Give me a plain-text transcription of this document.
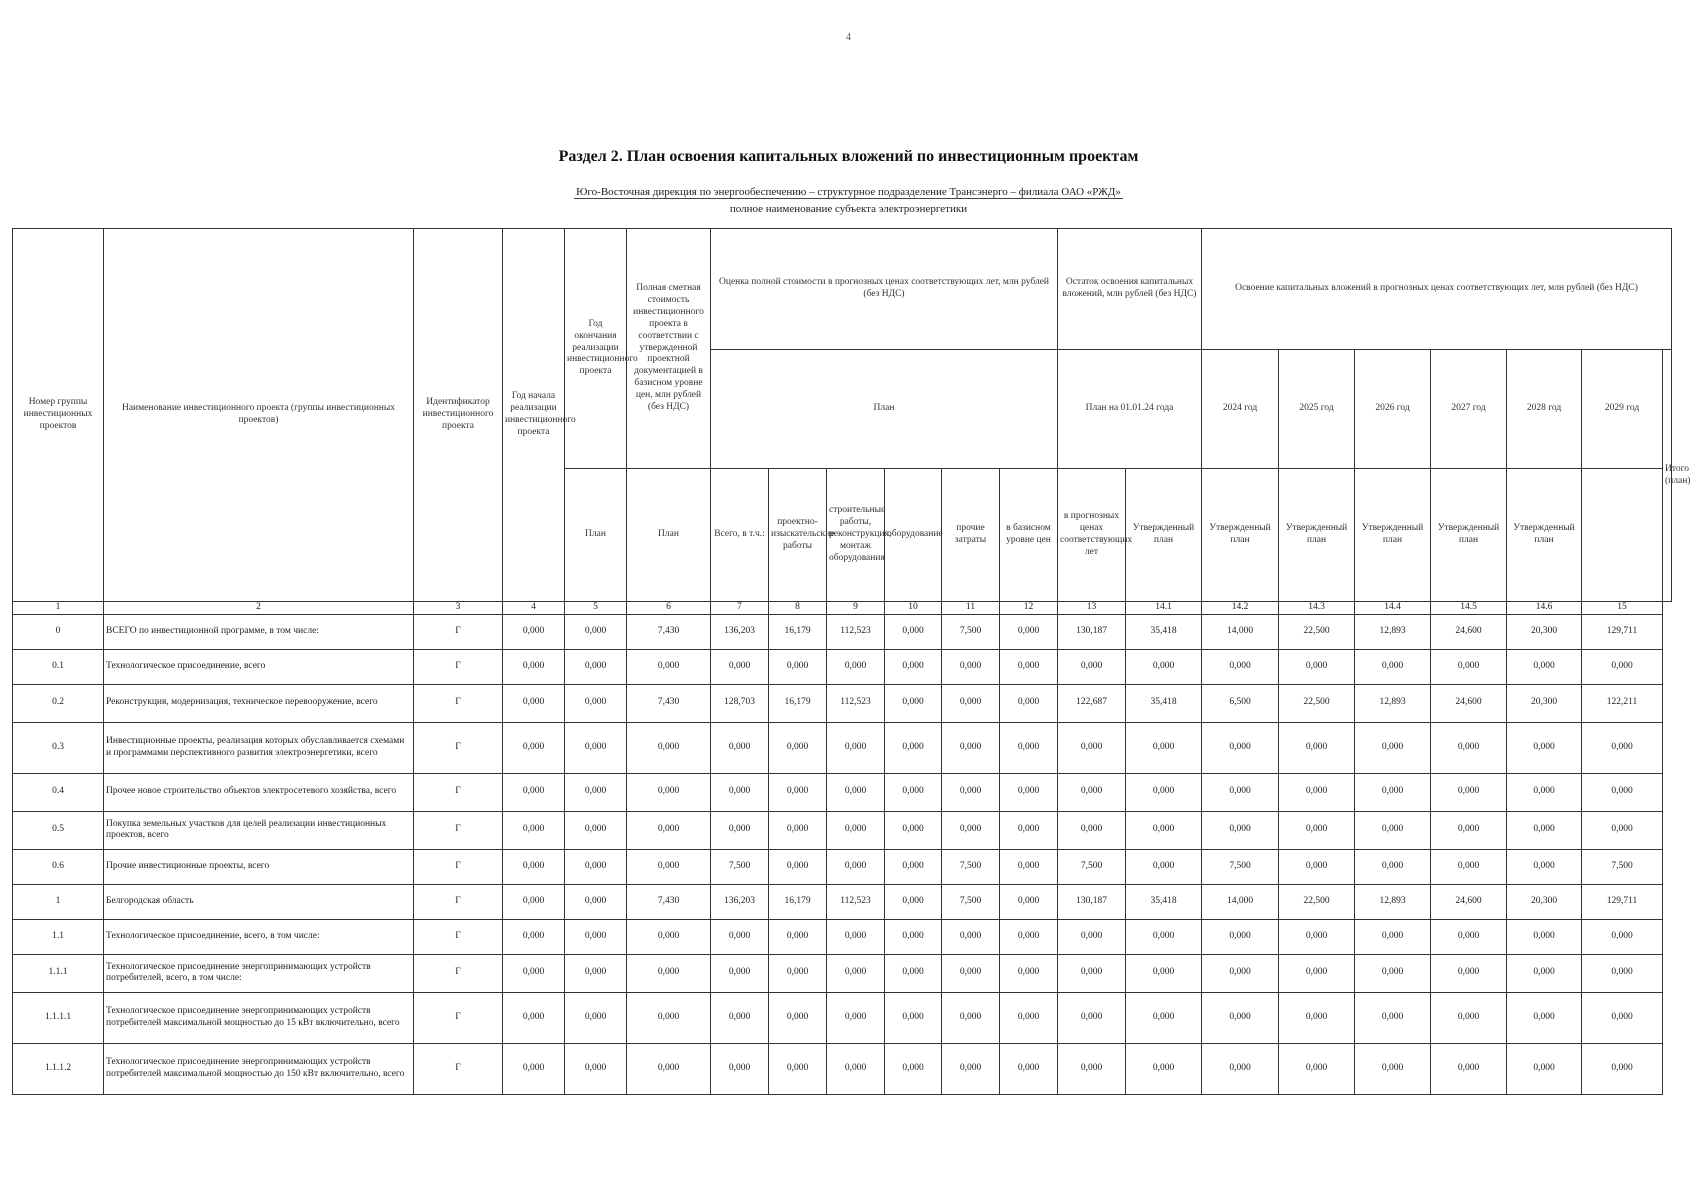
4
Раздел 2. План освоения капитальных вложений по инвестиционным проектам
Юго-Восточная дирекция по энергообеспечению – структурное подразделение Трансэнерго – филиала ОАО «РЖД»
полное наименование субъекта электроэнергетики
Номер группы инвестиционных проектов	Наименование инвестиционного проекта (группы инвестиционных проектов)	Идентификатор инвестиционного проекта	Год начала реализации инвестиционного проекта	Год окончания реализации инвестиционного проекта	Полная сметная стоимость инвестиционного проекта в соответствии с утвержденной проектной документацией в базисном уровне цен, млн рублей (без НДС)	Оценка полной стоимости в прогнозных ценах соответствующих лет, млн рублей (без НДС)						Остаток освоения капитальных вложений, млн рублей (без НДС)		Освоение капитальных вложений в прогнозных ценах соответствующих лет, млн рублей (без НДС)						
						План						План на 01.01.24 года		2024 год	2025 год	2026 год	2027 год	2028 год	2029 год	Итого (план)
				План	План	Всего, в т.ч.:	проектно-изыскательские работы	строительные работы, реконструкция, монтаж оборудования	оборудование	прочие затраты	в базисном уровне цен	в прогнозных ценах соответствующих лет	Утвержденный план	Утвержденный план	Утвержденный план	Утвержденный план	Утвержденный план	Утвержденный план		
1	2	3	4	5	6	7	8	9	10	11	12	13	14.1	14.2	14.3	14.4	14.5	14.6	15	
0	ВСЕГО по инвестиционной программе, в том числе:	Г	0,000	0,000	7,430	136,203	16,179	112,523	0,000	7,500	0,000	130,187	35,418	14,000	22,500	12,893	24,600	20,300	129,711	
0.1	Технологическое присоединение, всего	Г	0,000	0,000	0,000	0,000	0,000	0,000	0,000	0,000	0,000	0,000	0,000	0,000	0,000	0,000	0,000	0,000	0,000	
0.2	Реконструкция, модернизация, техническое перевооружение, всего	Г	0,000	0,000	7,430	128,703	16,179	112,523	0,000	0,000	0,000	122,687	35,418	6,500	22,500	12,893	24,600	20,300	122,211	
0.3	Инвестиционные проекты, реализация которых обуславливается схемами и программами перспективного развития электроэнергетики, всего	Г	0,000	0,000	0,000	0,000	0,000	0,000	0,000	0,000	0,000	0,000	0,000	0,000	0,000	0,000	0,000	0,000	0,000	
0.4	Прочее новое строительство объектов электросетевого хозяйства, всего	Г	0,000	0,000	0,000	0,000	0,000	0,000	0,000	0,000	0,000	0,000	0,000	0,000	0,000	0,000	0,000	0,000	0,000	
0.5	Покупка земельных участков для целей реализации инвестиционных проектов, всего	Г	0,000	0,000	0,000	0,000	0,000	0,000	0,000	0,000	0,000	0,000	0,000	0,000	0,000	0,000	0,000	0,000	0,000	
0.6	Прочие инвестиционные проекты, всего	Г	0,000	0,000	0,000	7,500	0,000	0,000	0,000	7,500	0,000	7,500	0,000	7,500	0,000	0,000	0,000	0,000	7,500	
1	Белгородская область	Г	0,000	0,000	7,430	136,203	16,179	112,523	0,000	7,500	0,000	130,187	35,418	14,000	22,500	12,893	24,600	20,300	129,711	
1.1	Технологическое присоединение, всего, в том числе:	Г	0,000	0,000	0,000	0,000	0,000	0,000	0,000	0,000	0,000	0,000	0,000	0,000	0,000	0,000	0,000	0,000	0,000	
1.1.1	Технологическое присоединение энергопринимающих устройств потребителей, всего, в том числе:	Г	0,000	0,000	0,000	0,000	0,000	0,000	0,000	0,000	0,000	0,000	0,000	0,000	0,000	0,000	0,000	0,000	0,000	
1.1.1.1	Технологическое присоединение энергопринимающих устройств потребителей максимальной мощностью до 15 кВт включительно, всего	Г	0,000	0,000	0,000	0,000	0,000	0,000	0,000	0,000	0,000	0,000	0,000	0,000	0,000	0,000	0,000	0,000	0,000	
1.1.1.2	Технологическое присоединение энергопринимающих устройств потребителей максимальной мощностью до 150 кВт включительно, всего	Г	0,000	0,000	0,000	0,000	0,000	0,000	0,000	0,000	0,000	0,000	0,000	0,000	0,000	0,000	0,000	0,000	0,000	
